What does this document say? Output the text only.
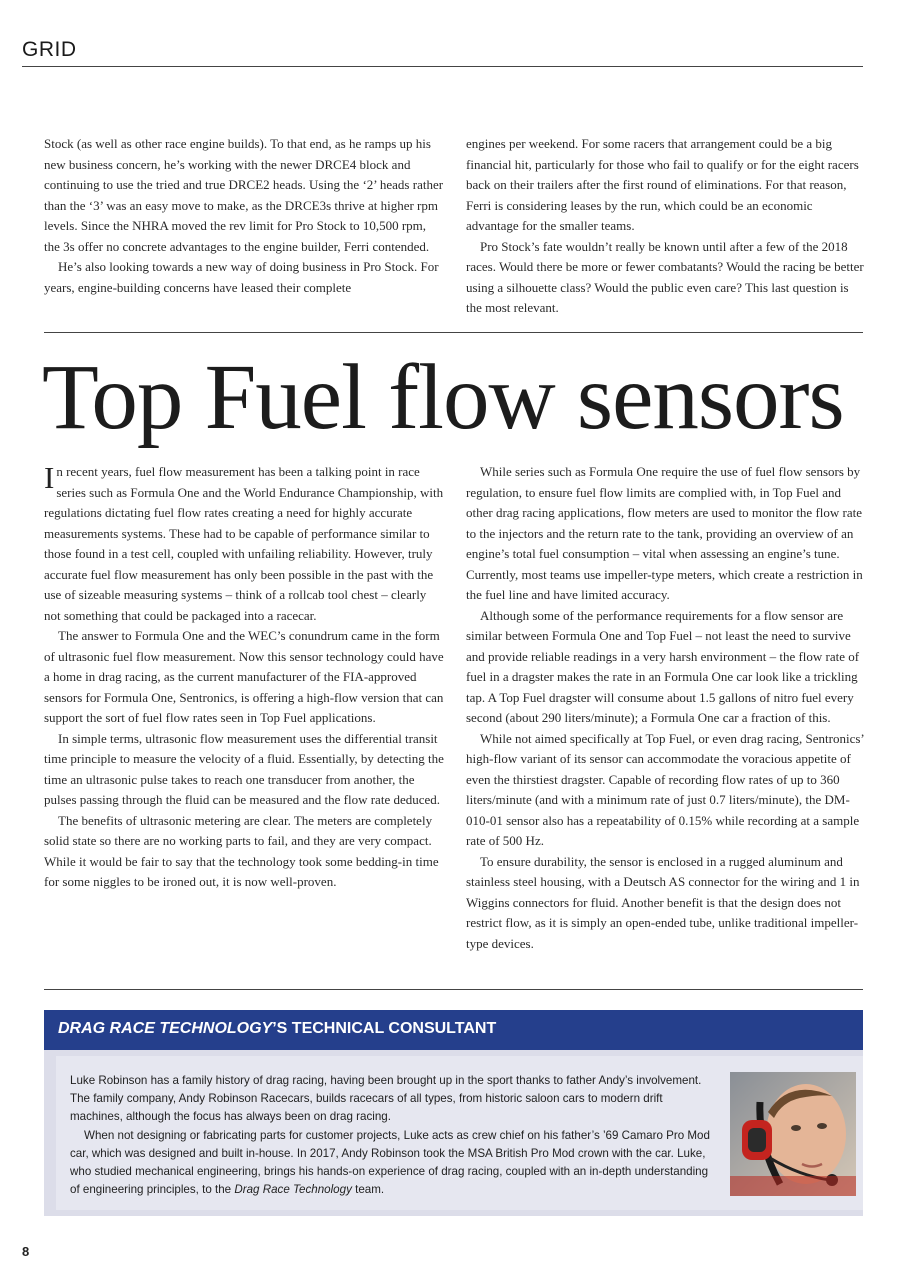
GRID

Stock (as well as other race engine builds). To that end, as he ramps up his new business concern, he’s working with the newer DRCE4 block and continuing to use the tried and true DRCE2 heads. Using the ‘2’ heads rather than the ‘3’ was an easy move to make, as the DRCE3s thrive at higher rpm levels. Since the NHRA moved the rev limit for Pro Stock to 10,500 rpm, the 3s offer no concrete advantages to the engine builder, Ferri contended.

He’s also looking towards a new way of doing business in Pro Stock. For years, engine-building concerns have leased their complete

engines per weekend. For some racers that arrangement could be a big financial hit, particularly for those who fail to qualify or for the eight racers back on their trailers after the first round of eliminations. For that reason, Ferri is considering leases by the run, which could be an economic advantage for the smaller teams.

Pro Stock’s fate wouldn’t really be known until after a few of the 2018 races. Would there be more or fewer combatants? Would the racing be better using a silhouette class? Would the public even care? This last question is the most relevant.

Top Fuel flow sensors

In recent years, fuel flow measurement has been a talking point in race series such as Formula One and the World Endurance Championship, with regulations dictating fuel flow rates creating a need for highly accurate measurements systems. These had to be capable of performance similar to those found in a test cell, coupled with unfailing reliability. However, truly accurate fuel flow measurement has only been possible in the past with the use of sizeable measuring systems – think of a rollcab tool chest – clearly not something that could be packaged into a racecar.

The answer to Formula One and the WEC’s conundrum came in the form of ultrasonic fuel flow measurement. Now this sensor technology could have a home in drag racing, as the current manufacturer of the FIA-approved sensors for Formula One, Sentronics, is offering a high-flow version that can support the sort of fuel flow rates seen in Top Fuel applications.

In simple terms, ultrasonic flow measurement uses the differential transit time principle to measure the velocity of a fluid. Essentially, by detecting the time an ultrasonic pulse takes to reach one transducer from another, the pulses passing through the fluid can be measured and the flow rate deduced.

The benefits of ultrasonic metering are clear. The meters are completely solid state so there are no working parts to fail, and they are very compact. While it would be fair to say that the technology took some bedding-in time for some niggles to be ironed out, it is now well-proven.

While series such as Formula One require the use of fuel flow sensors by regulation, to ensure fuel flow limits are complied with, in Top Fuel and other drag racing applications, flow meters are used to monitor the flow rate to the injectors and the return rate to the tank, providing an overview of an engine’s total fuel consumption – vital when assessing an engine’s tune. Currently, most teams use impeller-type meters, which create a restriction in the fuel line and have limited accuracy.

Although some of the performance requirements for a flow sensor are similar between Formula One and Top Fuel – not least the need to survive and provide reliable readings in a very harsh environment – the flow rate of fuel in a dragster makes the rate in an Formula One car look like a trickling tap. A Top Fuel dragster will consume about 1.5 gallons of nitro fuel every second (about 290 liters/minute); a Formula One car a fraction of this.

While not aimed specifically at Top Fuel, or even drag racing, Sentronics’ high-flow variant of its sensor can accommodate the voracious appetite of even the thirstiest dragster. Capable of recording flow rates of up to 360 liters/minute (and with a minimum rate of just 0.7 liters/minute), the DM-010-01 sensor also has a repeatability of 0.15% while recording at a sample rate of 500 Hz.

To ensure durability, the sensor is enclosed in a rugged aluminum and stainless steel housing, with a Deutsch AS connector for the wiring and 1 in Wiggins connectors for fluid. Another benefit is that the design does not restrict flow, as it is simply an open-ended tube, unlike traditional impeller-type devices.

DRAG RACE TECHNOLOGY’S TECHNICAL CONSULTANT

Luke Robinson has a family history of drag racing, having been brought up in the sport thanks to father Andy’s involvement. The family company, Andy Robinson Racecars, builds racecars of all types, from historic saloon cars to modern drift machines, although the focus has always been on drag racing.

When not designing or fabricating parts for customer projects, Luke acts as crew chief on his father’s ’69 Camaro Pro Mod car, which was designed and built in-house. In 2017, Andy Robinson took the MSA British Pro Mod crown with the car. Luke, who studied mechanical engineering, brings his hands-on experience of drag racing, coupled with an in-depth understanding of engineering principles, to the Drag Race Technology team.

8
